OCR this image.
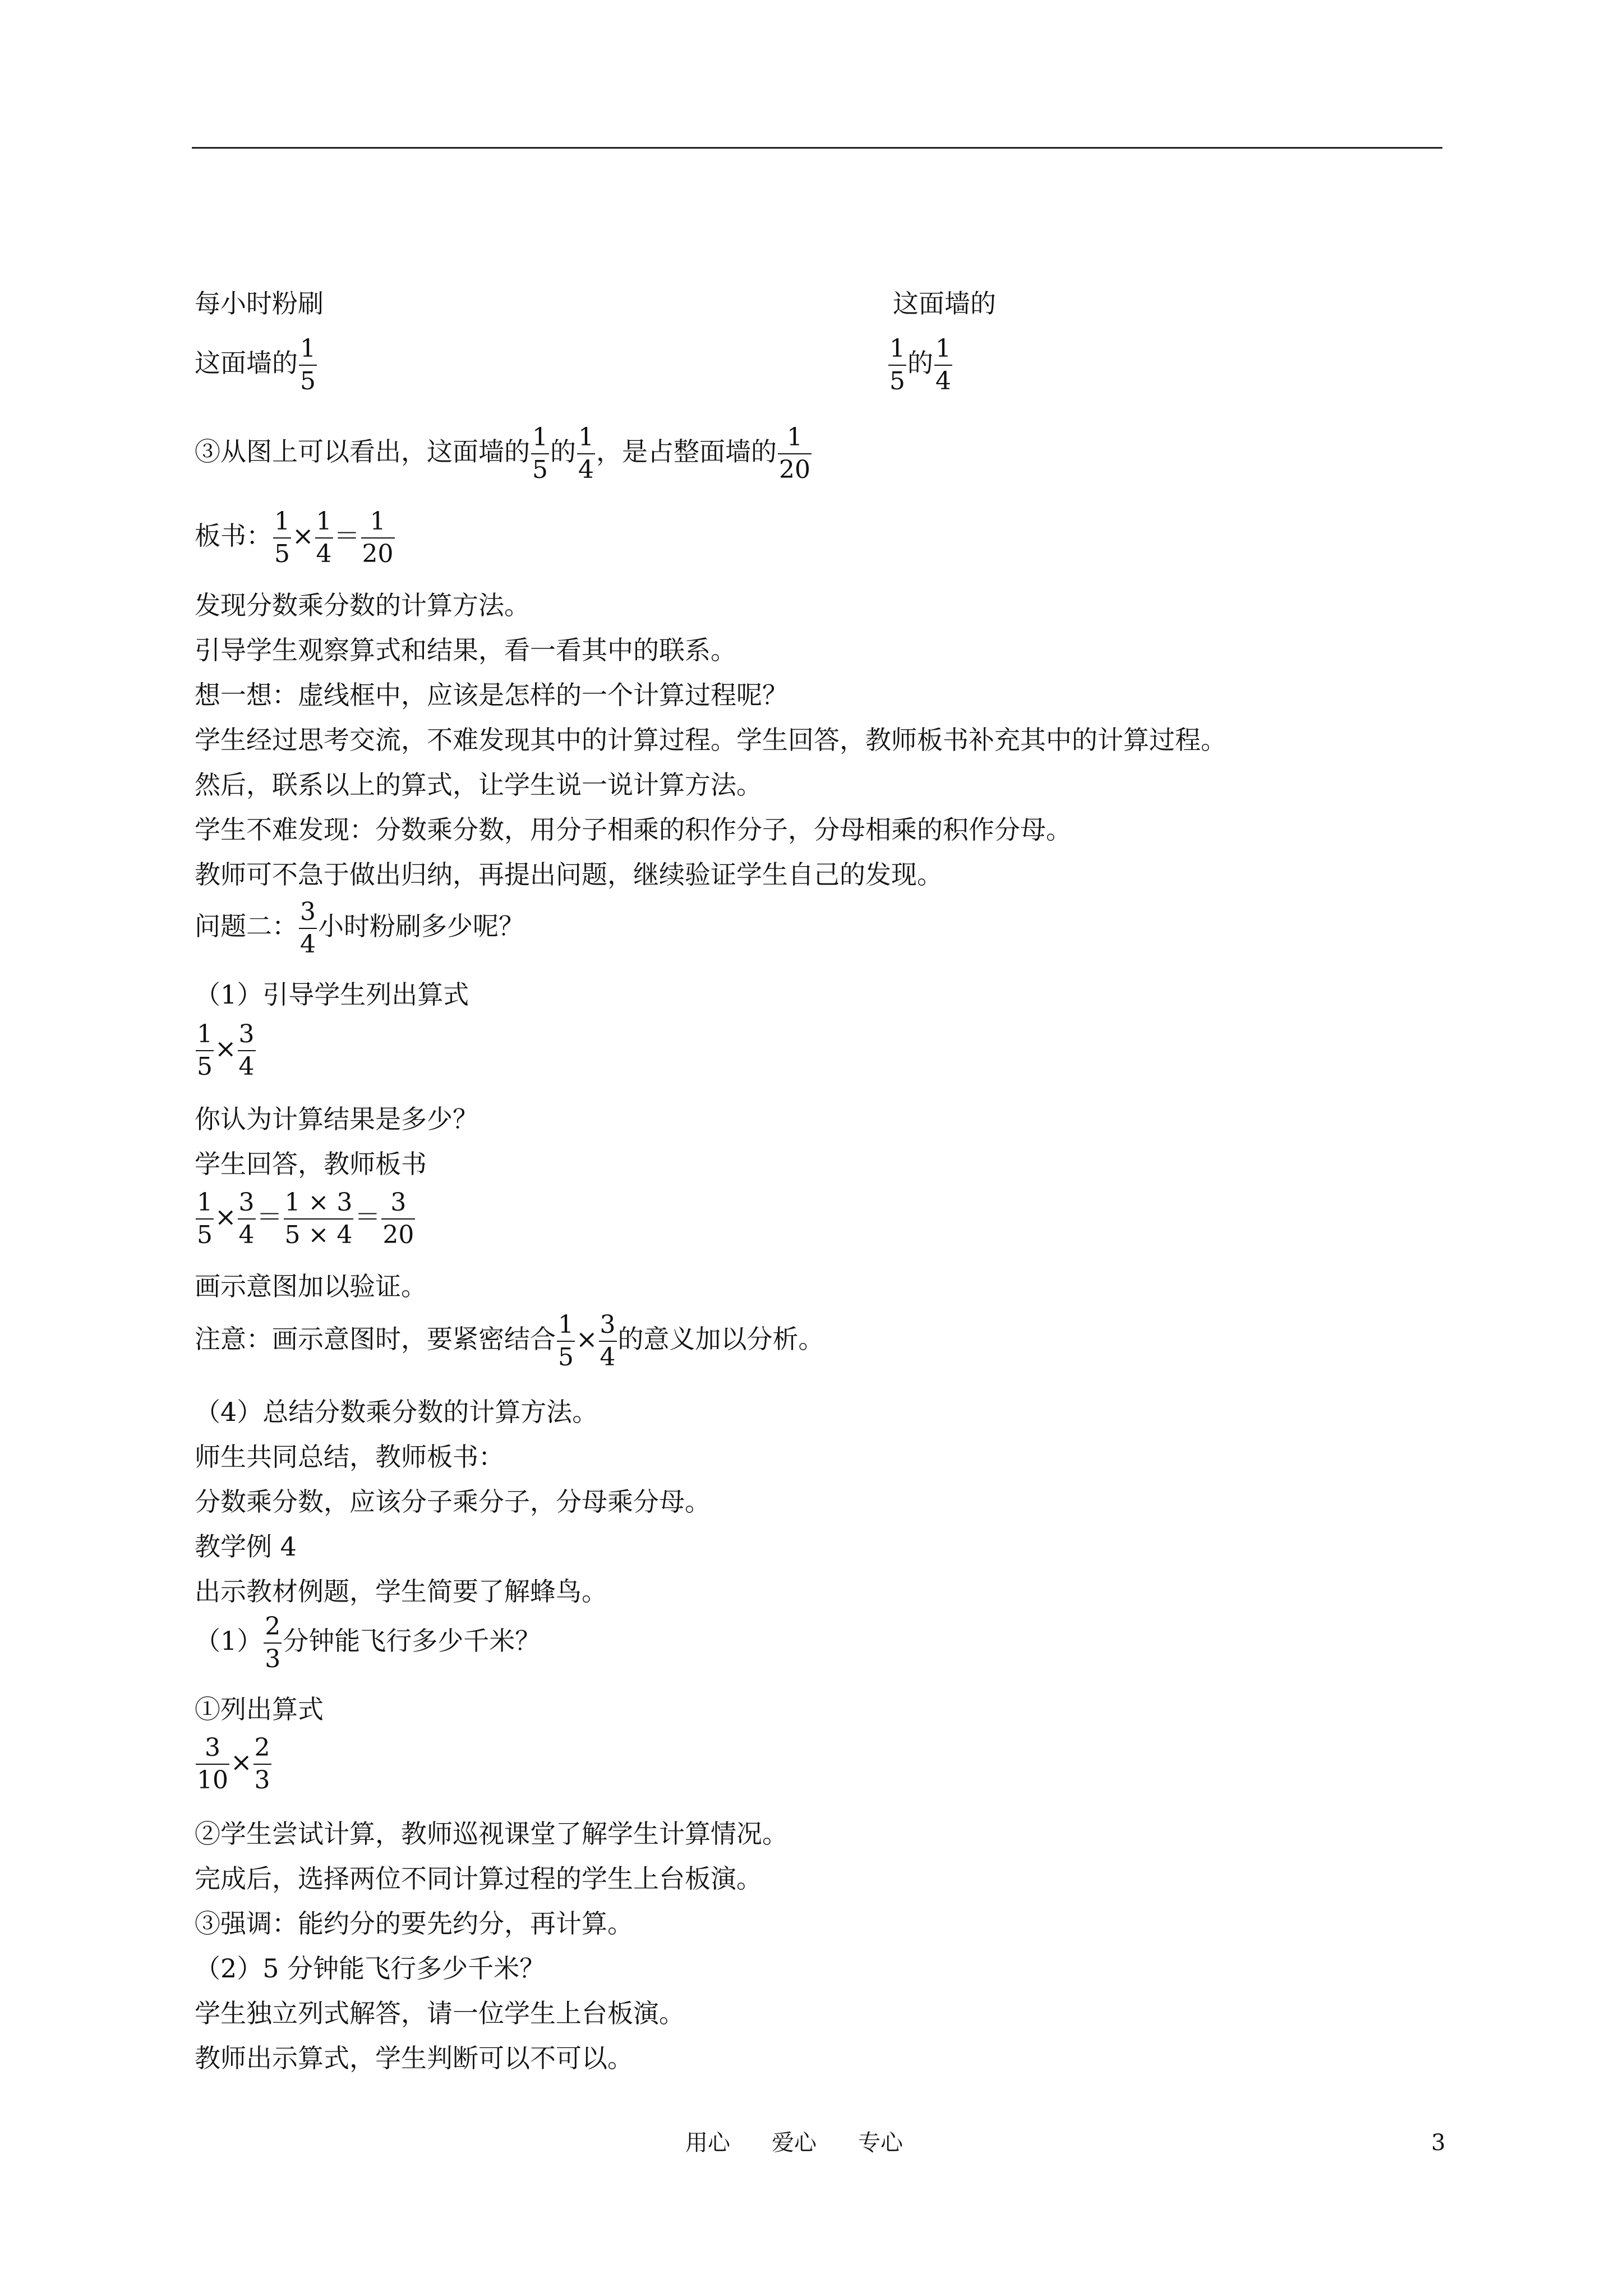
每小时粉刷	这面墙的
这面墙的 $\frac{1}{5}$	$\frac{1}{5}$ 的 $\frac{1}{4}$
③从图上可以看出，这面墙的 $\frac{1}{5}$ 的 $\frac{1}{4}$ ，是占整面墙的 $\frac{1}{20}$
板书： $\frac{1}{5} \times \frac{1}{4} = \frac{1}{20}$
发现分数乘分数的计算方法。
引导学生观察算式和结果，看一看其中的联系。
想一想：虚线框中，应该是怎样的一个计算过程呢？
学生经过思考交流，不难发现其中的计算过程。学生回答，教师板书补充其中的计算过程。
然后，联系以上的算式，让学生说一说计算方法。
学生不难发现：分数乘分数，用分子相乘的积作分子，分母相乘的积作分母。
教师可不急于做出归纳，再提出问题，继续验证学生自己的发现。
问题二： $\frac{3}{4}$ 小时粉刷多少呢？
（1）引导学生列出算式
$\frac{1}{5} \times \frac{3}{4}$
你认为计算结果是多少？
学生回答，教师板书
$\frac{1}{5} \times \frac{3}{4} = \frac{1 \times 3}{5 \times 4} = \frac{3}{20}$
画示意图加以验证。
注意：画示意图时，要紧密结合 $\frac{1}{5} \times \frac{3}{4}$ 的意义加以分析。
（4）总结分数乘分数的计算方法。
师生共同总结，教师板书：
分数乘分数，应该分子乘分子，分母乘分母。
教学例 4
出示教材例题，学生简要了解蜂鸟。
$(1) \frac{2}{3}$ 分钟能飞行多少千米？
①列出算式
$\frac{3}{10} \times \frac{2}{3}$
②学生尝试计算，教师巡视课堂了解学生计算情况。
完成后，选择两位不同计算过程的学生上台板演。
③强调：能约分的要先约分，再计算。
（2）5 分钟能飞行多少千米？
学生独立列式解答，请一位学生上台板演。
教师出示算式，学生判断可以不可以。
用心 爱心 专心	3
